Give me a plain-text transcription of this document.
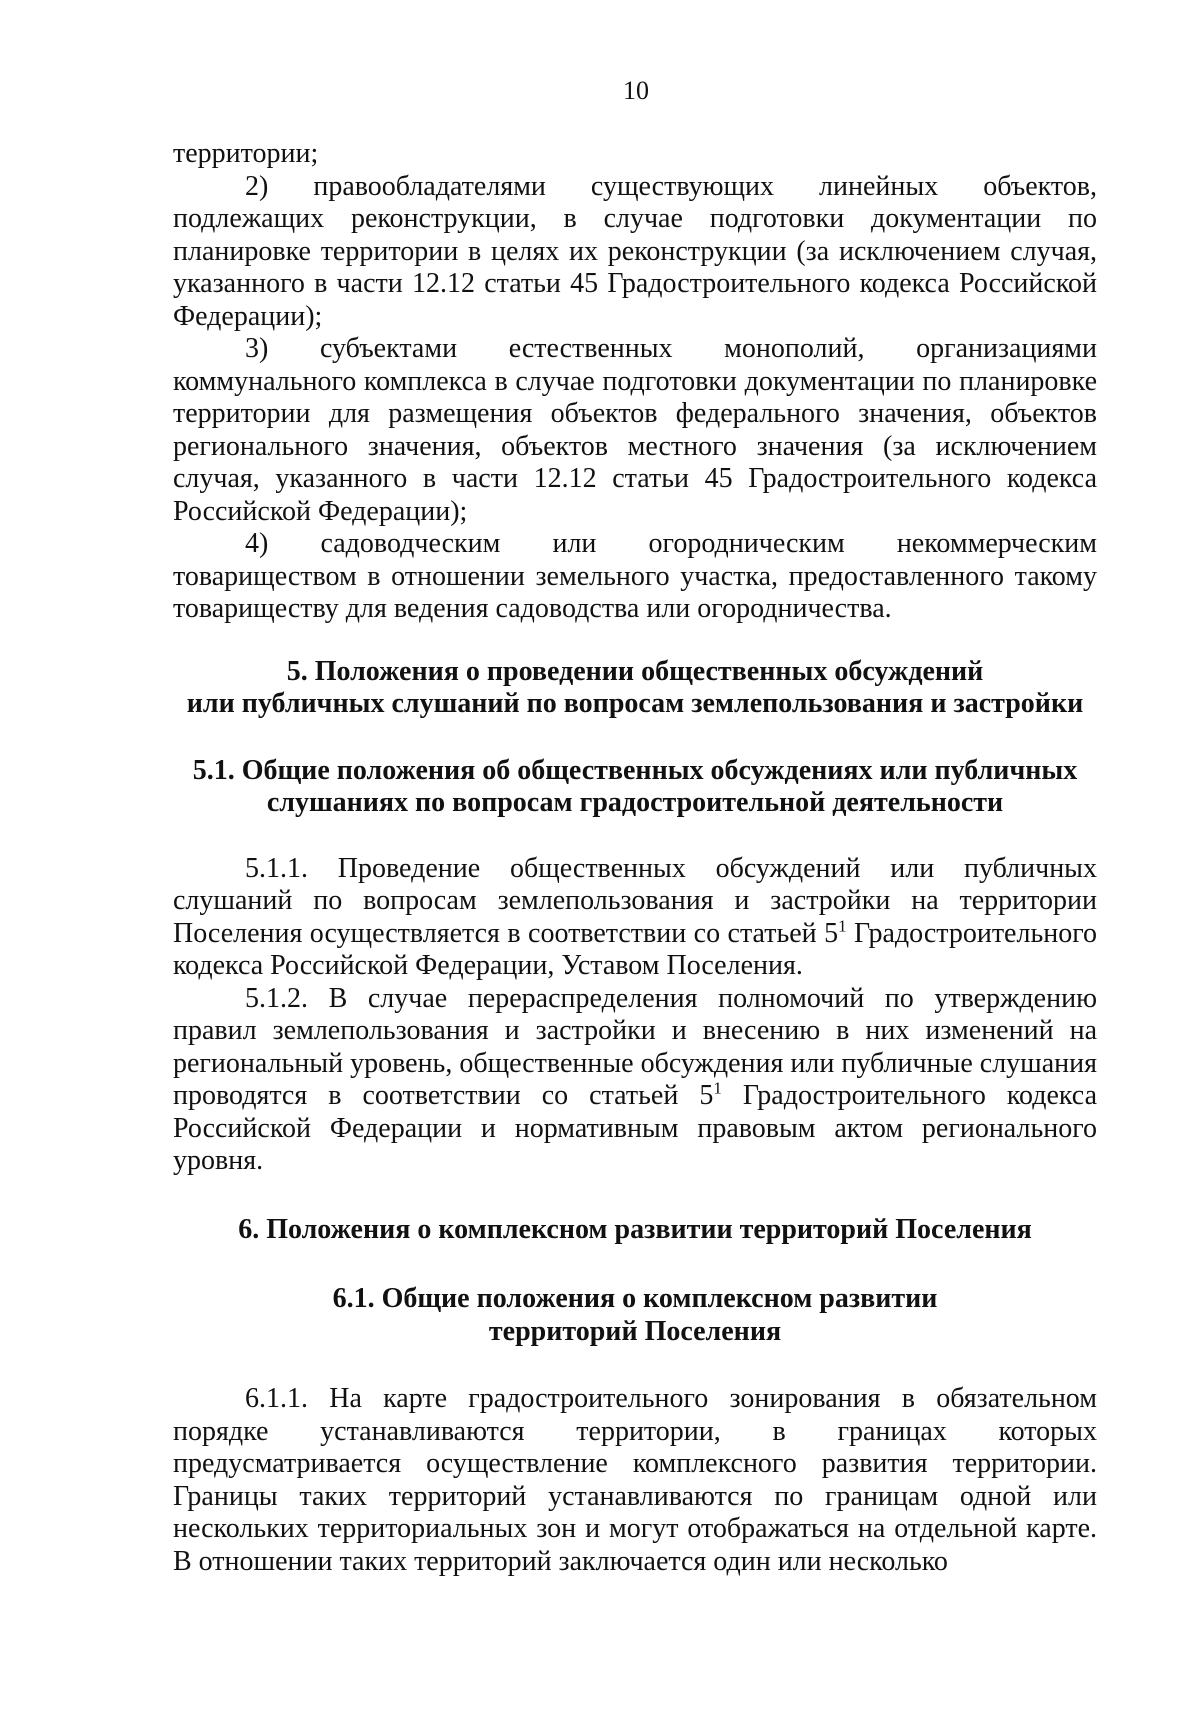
10

территории;

2) правообладателями существующих линейных объектов, подлежащих реконструкции, в случае подготовки документации по планировке территории в целях их реконструкции (за исключением случая, указанного в части 12.12 статьи 45 Градостроительного кодекса Российской Федерации);

3) субъектами естественных монополий, организациями коммунального комплекса в случае подготовки документации по планировке территории для размещения объектов федерального значения, объектов регионального значения, объектов местного значения (за исключением случая, указанного в части 12.12 статьи 45 Градостроительного кодекса Российской Федерации);

4) садоводческим или огородническим некоммерческим товариществом в отношении земельного участка, предоставленного такому товариществу для ведения садоводства или огородничества.

5. Положения о проведении общественных обсуждений

или публичных слушаний по вопросам землепользования и застройки

5.1. Общие положения об общественных обсуждениях или публичных

слушаниях по вопросам градостроительной деятельности

5.1.1. Проведение общественных обсуждений или публичных слушаний по вопросам землепользования и застройки на территории Поселения осуществляется в соответствии со статьей $5^1$ Градостроительного кодекса Российской Федерации, Уставом Поселения.

5.1.2. В случае перераспределения полномочий по утверждению правил землепользования и застройки и внесению в них изменений на региональный уровень, общественные обсуждения или публичные слушания проводятся в соответствии со статьей $5^1$ Градостроительного кодекса Российской Федерации и нормативным правовым актом регионального уровня.

6. Положения о комплексном развитии территорий Поселения

6.1. Общие положения о комплексном развитии

территорий Поселения

6.1.1. На карте градостроительного зонирования в обязательном порядке устанавливаются территории, в границах которых предусматривается осуществление комплексного развития территории. Границы таких территорий устанавливаются по границам одной или нескольких территориальных зон и могут отображаться на отдельной карте. В отношении таких территорий заключается один или несколько
